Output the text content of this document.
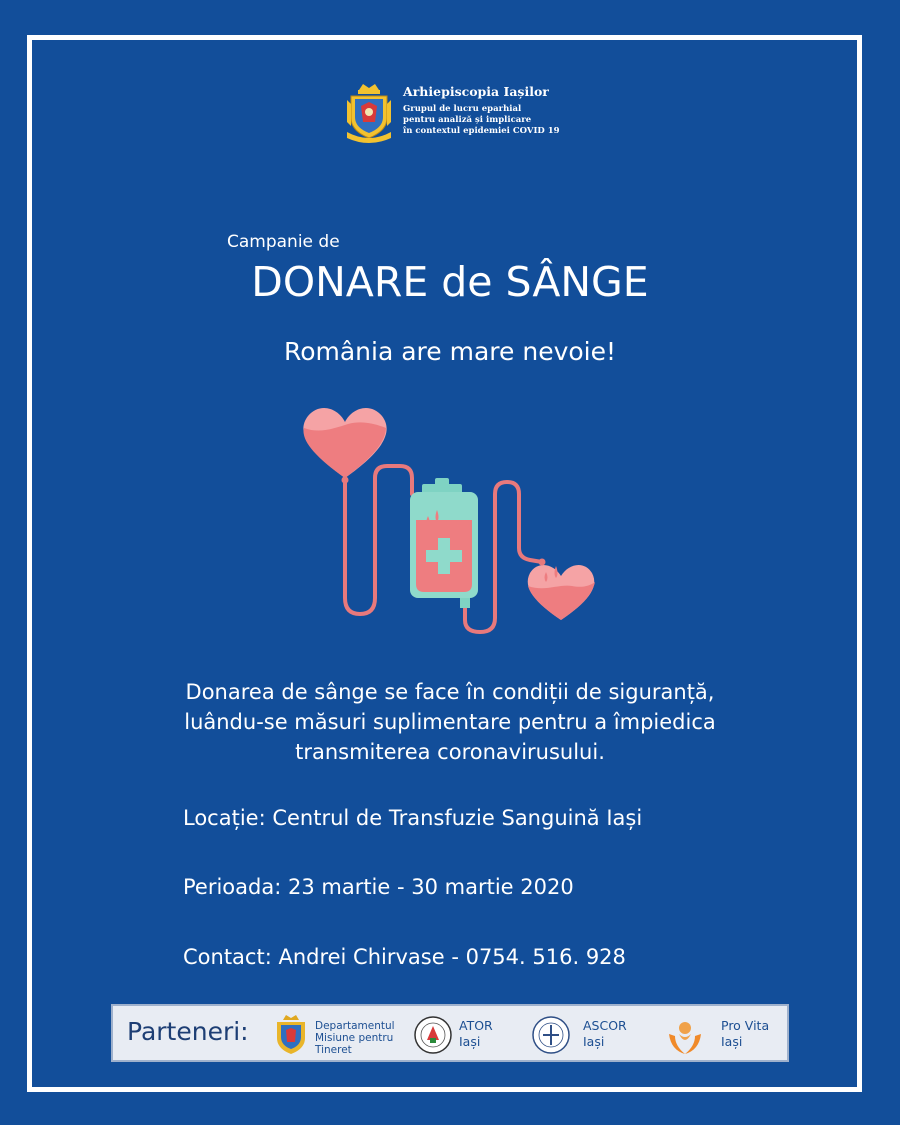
Arhiepiscopia Iașilor
Grupul de lucru eparhial
pentru analiză și implicare
în contextul epidemiei COVID 19
Campanie de
DONARE de SÂNGE
România are mare nevoie!
Donarea de sânge se face în condiții de siguranță,
luându-se măsuri suplimentare pentru a împiedica
transmiterea coronavirusului.
Locație: Centrul de Transfuzie Sanguină Iași
Perioada: 23 martie - 30 martie 2020
Contact: Andrei Chirvase - 0754. 516. 928
Parteneri:	Departamentul
Misiune pentru
Tineret
ATOR
Iași
ASCOR
Iași
Pro Vita
Iași
